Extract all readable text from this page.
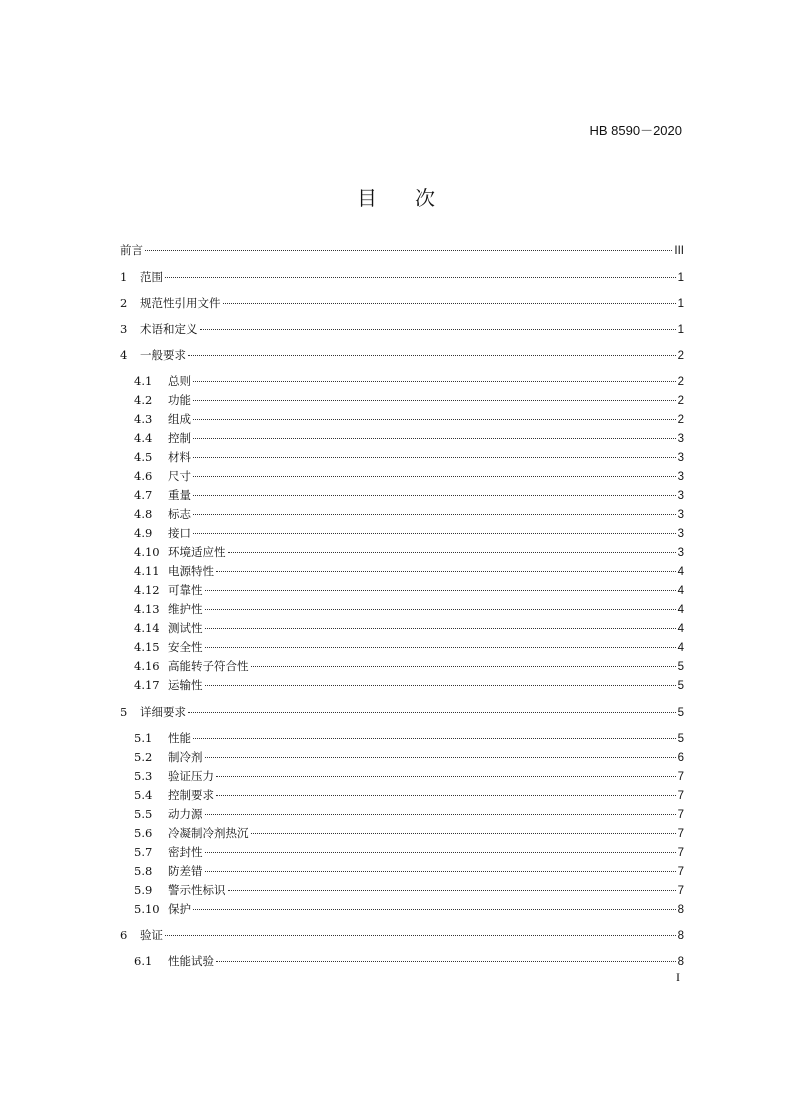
HB 8590－2020
目次
前言	III
1	范围	1
2	规范性引用文件	1
3	术语和定义	1
4	一般要求	2
4.1	总则	2
4.2	功能	2
4.3	组成	2
4.4	控制	3
4.5	材料	3
4.6	尺寸	3
4.7	重量	3
4.8	标志	3
4.9	接口	3
4.10 环境适应性	3
4.11 电源特性	4
4.12 可靠性	4
4.13 维护性	4
4.14 测试性	4
4.15 安全性	4
4.16 高能转子符合性	5
4.17 运输性	5
5	详细要求	5
5.1	性能	5
5.2	制冷剂	6
5.3	验证压力	7
5.4	控制要求	7
5.5	动力源	7
5.6	冷凝制冷剂热沉	7
5.7	密封性	7
5.8	防差错	7
5.9	警示性标识	7
5.10 保护	8
6	验证	8
6.1	性能试验	8
I
